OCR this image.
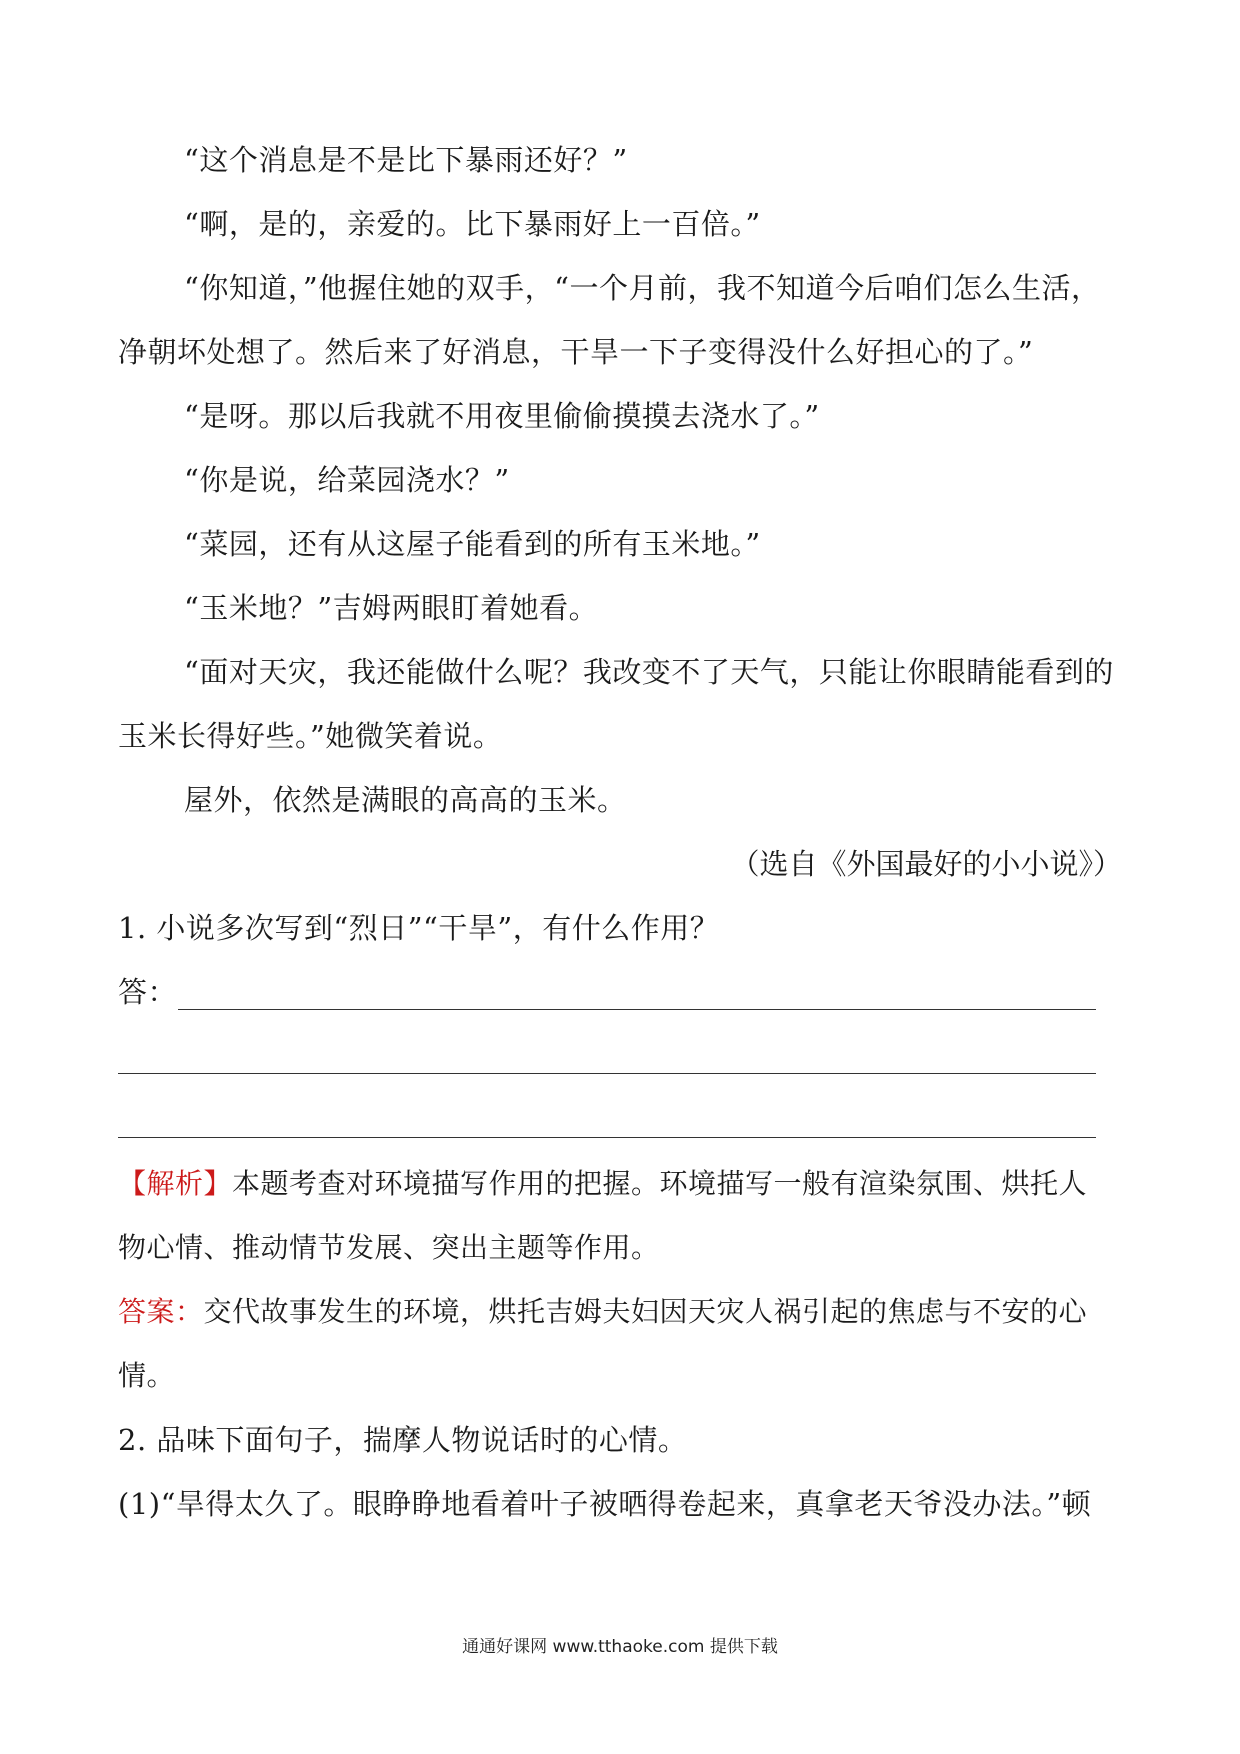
“这个消息是不是比下暴雨还好？”
“啊，是的，亲爱的。比下暴雨好上一百倍。”
“你知道，”他握住她的双手，“一个月前，我不知道今后咱们怎么生活，
净朝坏处想了。然后来了好消息，干旱一下子变得没什么好担心的了。”
“是呀。那以后我就不用夜里偷偷摸摸去浇水了。”
“你是说，给菜园浇水？”
“菜园，还有从这屋子能看到的所有玉米地。”
“玉米地？”吉姆两眼盯着她看。
“面对天灾，我还能做什么呢？我改变不了天气，只能让你眼睛能看到的
玉米长得好些。”她微笑着说。
屋外，依然是满眼的高高的玉米。
（选自《外国最好的小小说》）
1. 小说多次写到“烈日”“干旱”，有什么作用？
答：
【解析】本题考查对环境描写作用的把握。环境描写一般有渲染氛围、烘托人
物心情、推动情节发展、突出主题等作用。
答案：交代故事发生的环境，烘托吉姆夫妇因天灾人祸引起的焦虑与不安的心
情。
2. 品味下面句子，揣摩人物说话时的心情。
(1)“旱得太久了。眼睁睁地看着叶子被晒得卷起来，真拿老天爷没办法。”顿
通通好课网 www.tthaoke.com 提供下载
